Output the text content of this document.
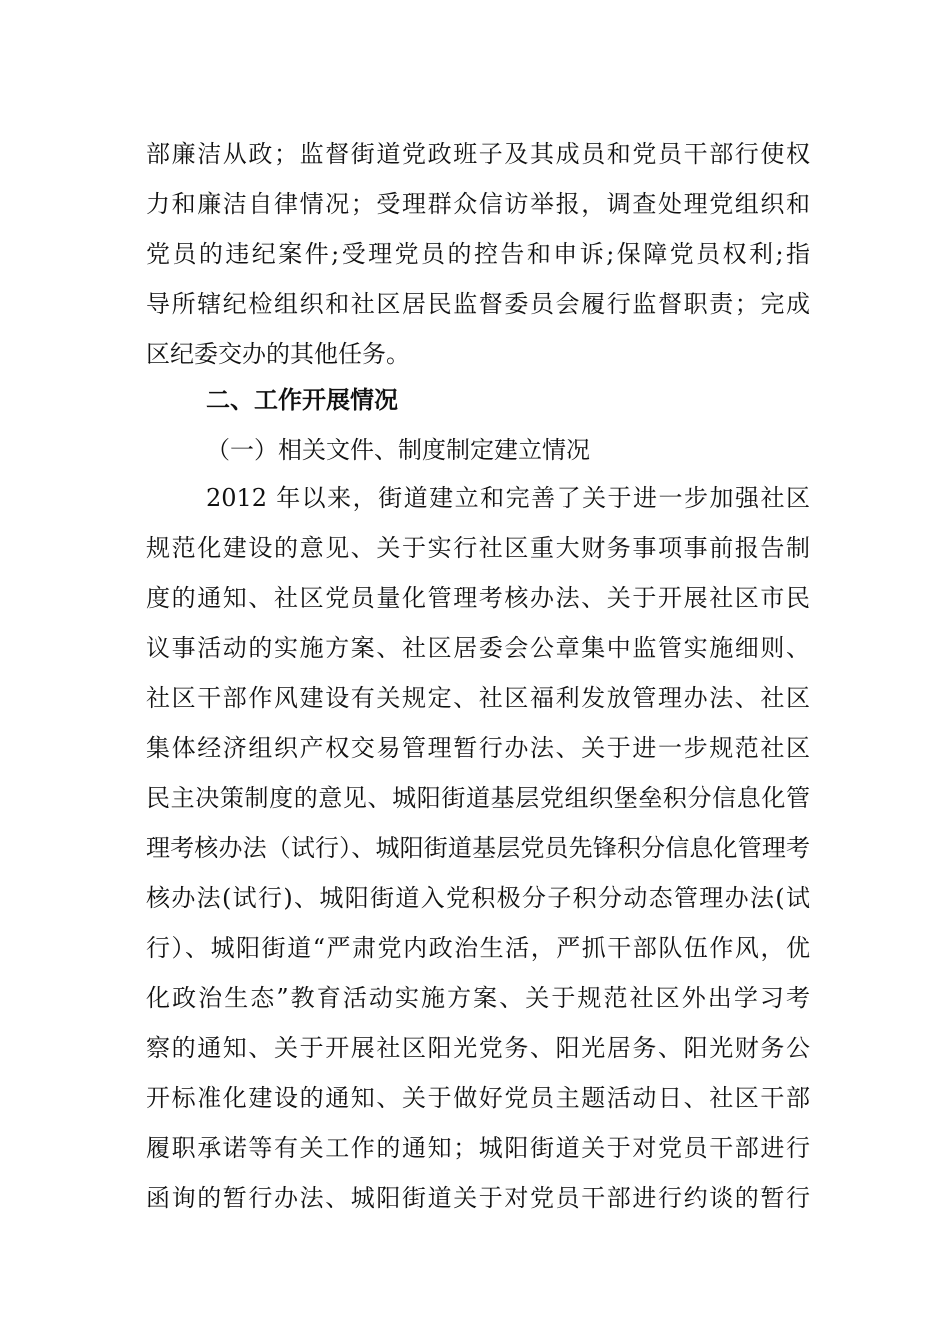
部廉洁从政；监督街道党政班子及其成员和党员干部行使权
力和廉洁自律情况；受理群众信访举报，调查处理党组织和
党员的违纪案件;受理党员的控告和申诉;保障党员权利;指
导所辖纪检组织和社区居民监督委员会履行监督职责；完成
区纪委交办的其他任务。
二、工作开展情况
（一）相关文件、制度制定建立情况
2012 年以来，街道建立和完善了关于进一步加强社区
规范化建设的意见、关于实行社区重大财务事项事前报告制
度的通知、社区党员量化管理考核办法、关于开展社区市民
议事活动的实施方案、社区居委会公章集中监管实施细则、
社区干部作风建设有关规定、社区福利发放管理办法、社区
集体经济组织产权交易管理暂行办法、关于进一步规范社区
民主决策制度的意见、城阳街道基层党组织堡垒积分信息化管
理考核办法（试行）、城阳街道基层党员先锋积分信息化管理考
核办法(试行)、城阳街道入党积极分子积分动态管理办法(试
行）、城阳街道“严肃党内政治生活，严抓干部队伍作风，优
化政治生态”教育活动实施方案、关于规范社区外出学习考
察的通知、关于开展社区阳光党务、阳光居务、阳光财务公
开标准化建设的通知、关于做好党员主题活动日、社区干部
履职承诺等有关工作的通知；城阳街道关于对党员干部进行
函询的暂行办法、城阳街道关于对党员干部进行约谈的暂行
